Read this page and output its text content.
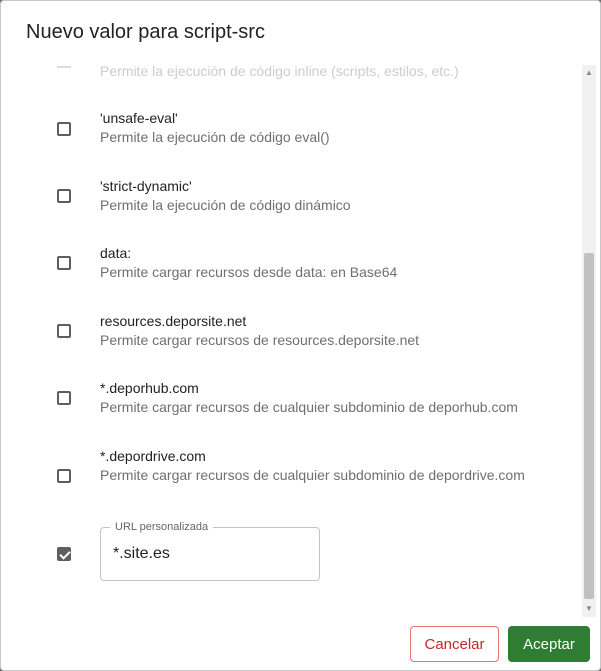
Nuevo valor para script-src
Permite la ejecución de código inline (scripts, estilos, etc.)
'unsafe-eval'
Permite la ejecución de código eval()
'strict-dynamic'
Permite la ejecución de código dinámico
data:
Permite cargar recursos desde data: en Base64
resources.deporsite.net
Permite cargar recursos de resources.deporsite.net
*.deporhub.com
Permite cargar recursos de cualquier subdominio de deporhub.com
*.depordrive.com
Permite cargar recursos de cualquier subdominio de depordrive.com
URL personalizada
*.site.es
▲
▼
Cancelar	Aceptar
